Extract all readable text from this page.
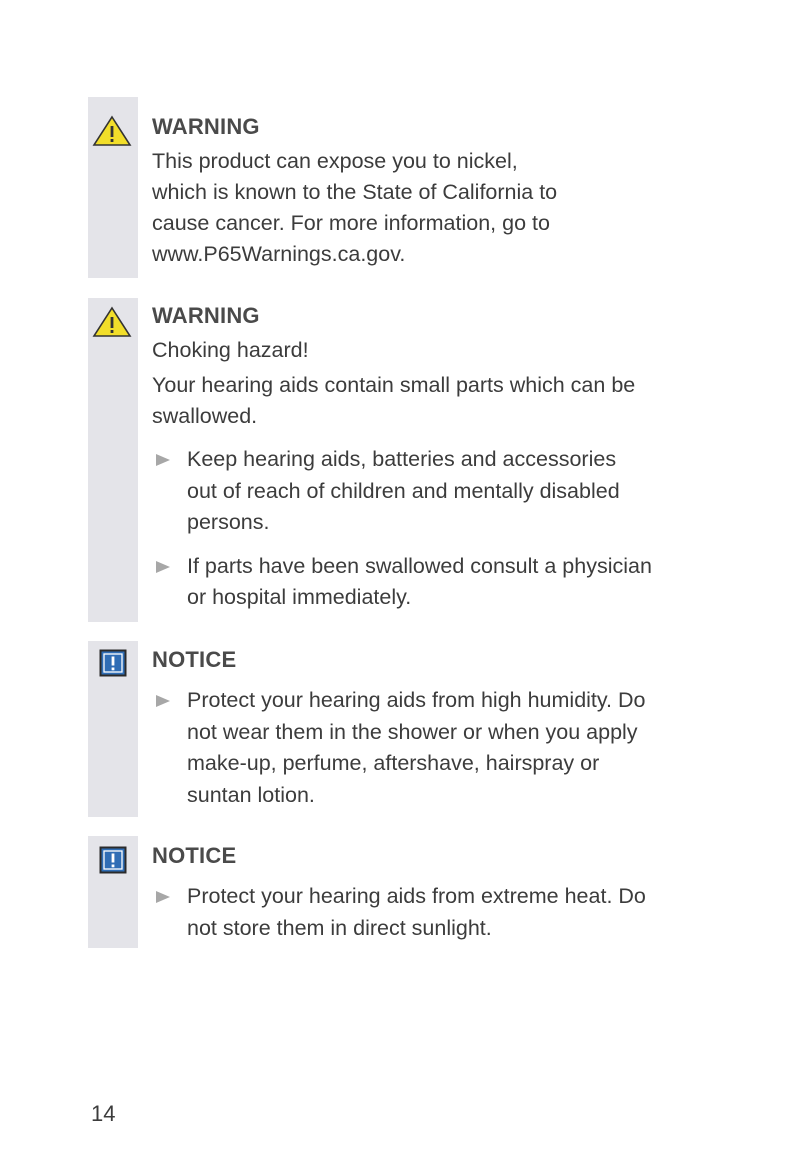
WARNING
This product can expose you to nickel,
which is known to the State of California to
cause cancer. For more information, go to
www.P65Warnings.ca.gov.
WARNING
Choking hazard!
Your hearing aids contain small parts which can be
swallowed.
Keep hearing aids, batteries and accessories
out of reach of children and mentally disabled
persons.
If parts have been swallowed consult a physician
or hospital immediately.
NOTICE
Protect your hearing aids from high humidity. Do
not wear them in the shower or when you apply
make-up, perfume, aftershave, hairspray or
suntan lotion.
NOTICE
Protect your hearing aids from extreme heat. Do
not store them in direct sunlight.
14
